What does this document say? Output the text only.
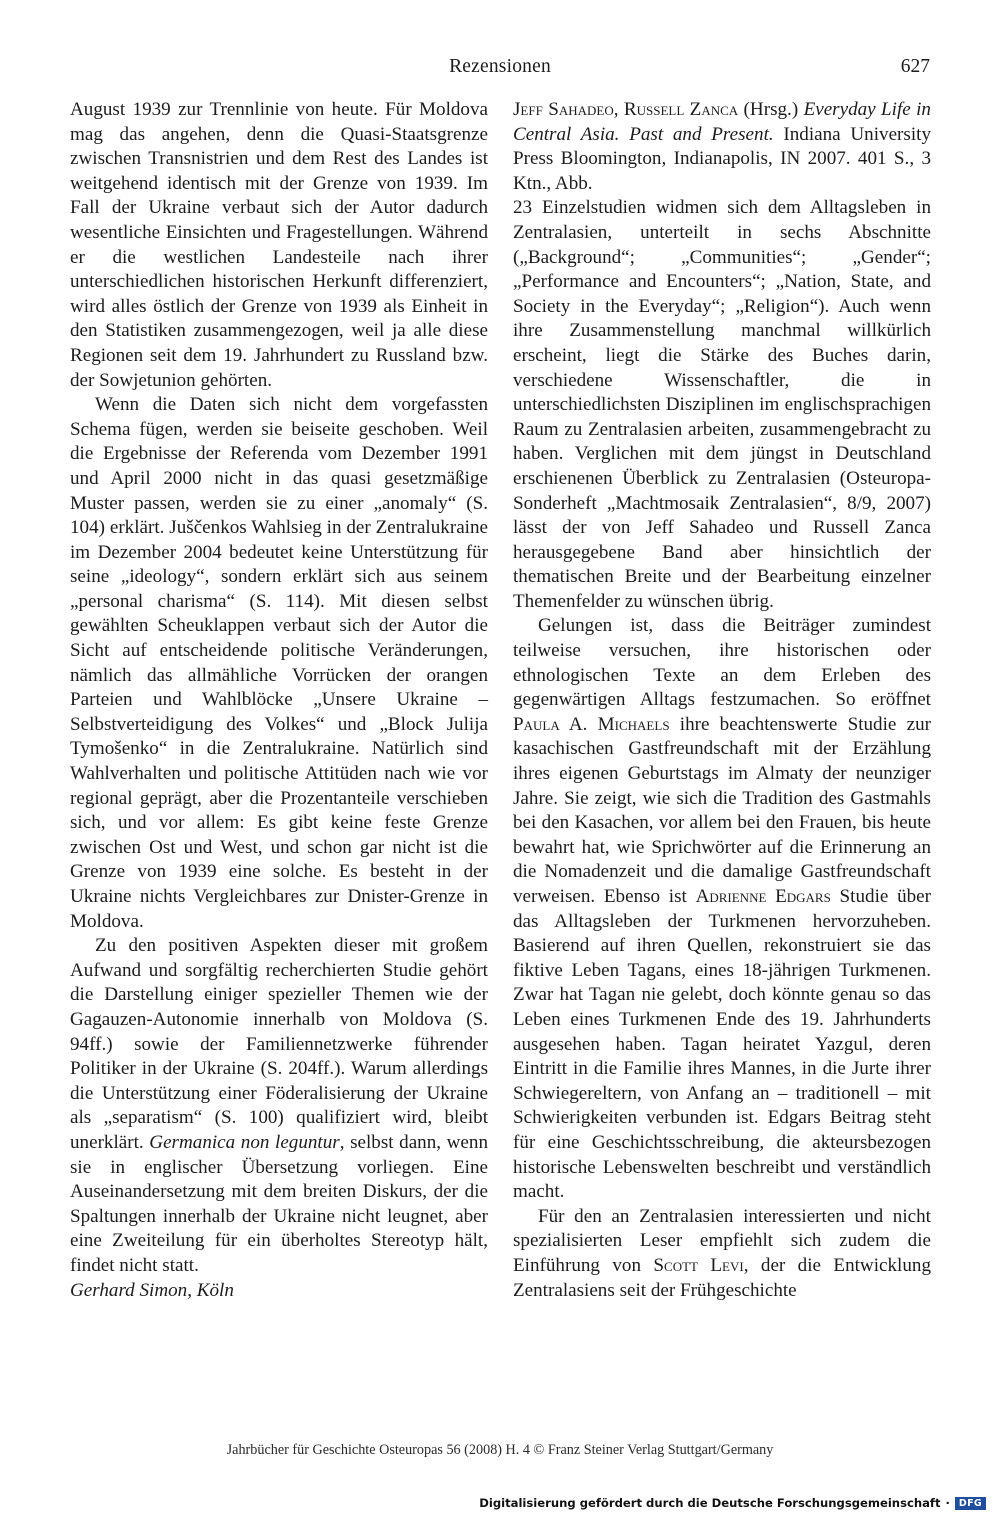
Rezensionen	627

August 1939 zur Trennlinie von heute. Für Moldova mag das angehen, denn die Quasi-Staatsgrenze zwischen Transnistrien und dem Rest des Landes ist weitgehend identisch mit der Grenze von 1939. Im Fall der Ukraine verbaut sich der Autor dadurch wesentliche Einsichten und Fragestellungen. Während er die westlichen Landesteile nach ihrer unterschiedlichen historischen Herkunft differenziert, wird alles östlich der Grenze von 1939 als Einheit in den Statistiken zusammengezogen, weil ja alle diese Regionen seit dem 19. Jahrhundert zu Russland bzw. der Sowjetunion gehörten.

Wenn die Daten sich nicht dem vorgefassten Schema fügen, werden sie beiseite geschoben. Weil die Ergebnisse der Referenda vom Dezember 1991 und April 2000 nicht in das quasi gesetzmäßige Muster passen, werden sie zu einer „anomaly“ (S. 104) erklärt. Juščenkos Wahlsieg in der Zentralukraine im Dezember 2004 bedeutet keine Unterstützung für seine „ideology“, sondern erklärt sich aus seinem „personal charisma“ (S. 114). Mit diesen selbst gewählten Scheuklappen verbaut sich der Autor die Sicht auf entscheidende politische Veränderungen, nämlich das allmähliche Vorrücken der orangen Parteien und Wahlblöcke „Unsere Ukraine – Selbstverteidigung des Volkes“ und „Block Julija Tymošenko“ in die Zentralukraine. Natürlich sind Wahlverhalten und politische Attitüden nach wie vor regional geprägt, aber die Prozentanteile verschieben sich, und vor allem: Es gibt keine feste Grenze zwischen Ost und West, und schon gar nicht ist die Grenze von 1939 eine solche. Es besteht in der Ukraine nichts Vergleichbares zur Dnister-Grenze in Moldova.

Zu den positiven Aspekten dieser mit großem Aufwand und sorgfältig recherchierten Studie gehört die Darstellung einiger spezieller Themen wie der Gagauzen-Autonomie innerhalb von Moldova (S. 94ff.) sowie der Familiennetzwerke führender Politiker in der Ukraine (S. 204ff.). Warum allerdings die Unterstützung einer Föderalisierung der Ukraine als „separatism“ (S. 100) qualifiziert wird, bleibt unerklärt. Germanica non leguntur, selbst dann, wenn sie in englischer Übersetzung vorliegen. Eine Auseinandersetzung mit dem breiten Diskurs, der die Spaltungen innerhalb der Ukraine nicht leugnet, aber eine Zweiteilung für ein überholtes Stereotyp hält, findet nicht statt.

Gerhard Simon, Köln

Jeff Sahadeo, Russell Zanca (Hrsg.) Everyday Life in Central Asia. Past and Present. Indiana University Press Bloomington, Indianapolis, IN 2007. 401 S., 3 Ktn., Abb.

23 Einzelstudien widmen sich dem Alltagsleben in Zentralasien, unterteilt in sechs Abschnitte („Background“; „Communities“; „Gender“; „Performance and Encounters“; „Nation, State, and Society in the Everyday“; „Religion“). Auch wenn ihre Zusammenstellung manchmal willkürlich erscheint, liegt die Stärke des Buches darin, verschiedene Wissenschaftler, die in unterschiedlichsten Disziplinen im englischsprachigen Raum zu Zentralasien arbeiten, zusammengebracht zu haben. Verglichen mit dem jüngst in Deutschland erschienenen Überblick zu Zentralasien (Osteuropa-Sonderheft „Machtmosaik Zentralasien“, 8/9, 2007) lässt der von Jeff Sahadeo und Russell Zanca herausgegebene Band aber hinsichtlich der thematischen Breite und der Bearbeitung einzelner Themenfelder zu wünschen übrig.

Gelungen ist, dass die Beiträger zumindest teilweise versuchen, ihre historischen oder ethnologischen Texte an dem Erleben des gegenwärtigen Alltags festzumachen. So eröffnet Paula A. Michaels ihre beachtenswerte Studie zur kasachischen Gastfreundschaft mit der Erzählung ihres eigenen Geburtstags im Almaty der neunziger Jahre. Sie zeigt, wie sich die Tradition des Gastmahls bei den Kasachen, vor allem bei den Frauen, bis heute bewahrt hat, wie Sprichwörter auf die Erinnerung an die Nomadenzeit und die damalige Gastfreundschaft verweisen. Ebenso ist Adrienne Edgars Studie über das Alltagsleben der Turkmenen hervorzuheben. Basierend auf ihren Quellen, rekonstruiert sie das fiktive Leben Tagans, eines 18-jährigen Turkmenen. Zwar hat Tagan nie gelebt, doch könnte genau so das Leben eines Turkmenen Ende des 19. Jahrhunderts ausgesehen haben. Tagan heiratet Yazgul, deren Eintritt in die Familie ihres Mannes, in die Jurte ihrer Schwiegereltern, von Anfang an – traditionell – mit Schwierigkeiten verbunden ist. Edgars Beitrag steht für eine Geschichtsschreibung, die akteursbezogen historische Lebenswelten beschreibt und verständlich macht.

Für den an Zentralasien interessierten und nicht spezialisierten Leser empfiehlt sich zudem die Einführung von Scott Levi, der die Entwicklung Zentralasiens seit der Frühgeschichte

Jahrbücher für Geschichte Osteuropas 56 (2008) H. 4 © Franz Steiner Verlag Stuttgart/Germany
Digitalisierung gefördert durch die Deutsche Forschungsgemeinschaft · DFG
